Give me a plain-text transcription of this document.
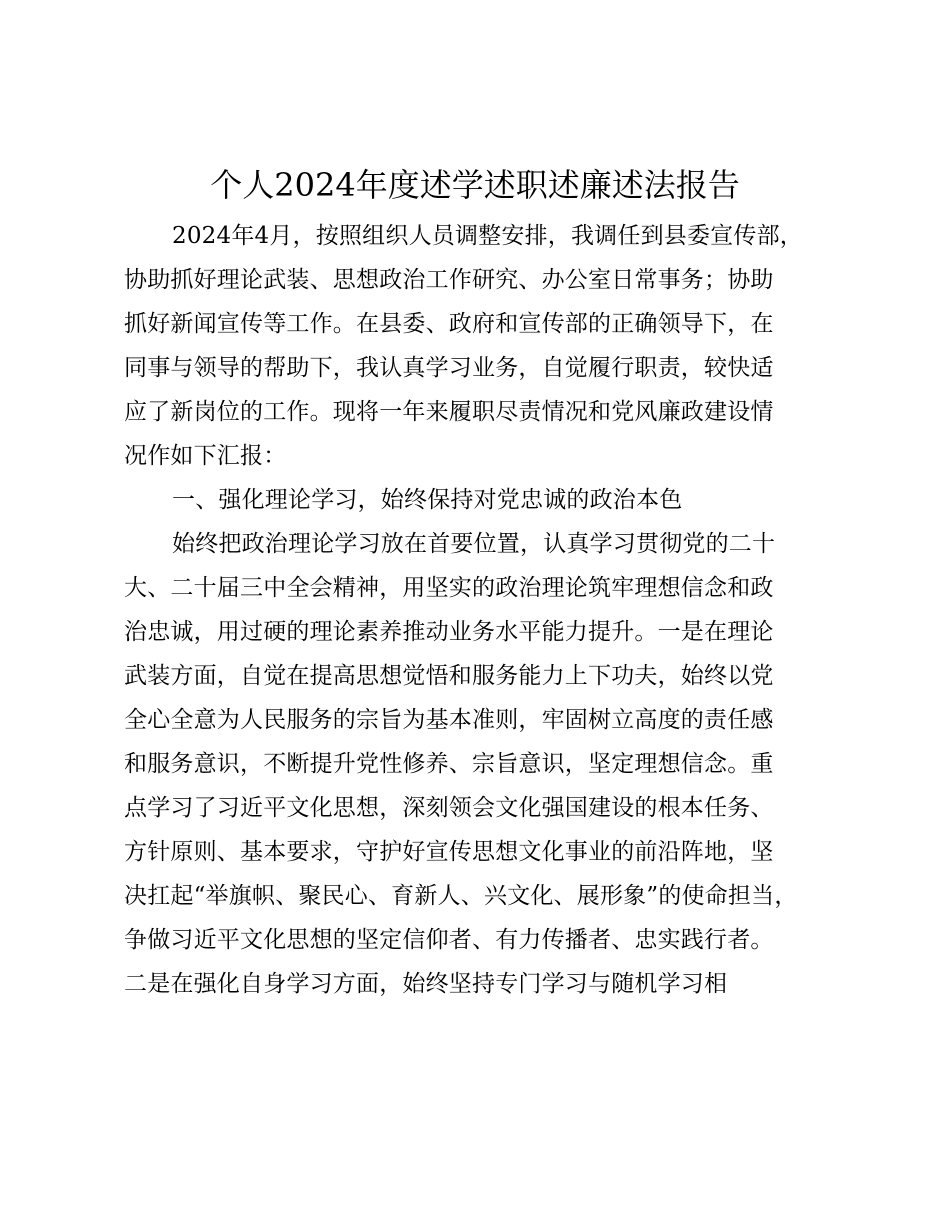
个人2024年度述学述职述廉述法报告
2024年4月，按照组织人员调整安排，我调任到县委宣传部，
协助抓好理论武装、思想政治工作研究、办公室日常事务；协助
抓好新闻宣传等工作。在县委、政府和宣传部的正确领导下，在
同事与领导的帮助下，我认真学习业务，自觉履行职责，较快适
应了新岗位的工作。现将一年来履职尽责情况和党风廉政建设情
况作如下汇报：
一、强化理论学习，始终保持对党忠诚的政治本色
始终把政治理论学习放在首要位置，认真学习贯彻党的二十
大、二十届三中全会精神，用坚实的政治理论筑牢理想信念和政
治忠诚，用过硬的理论素养推动业务水平能力提升。一是在理论
武装方面，自觉在提高思想觉悟和服务能力上下功夫，始终以党
全心全意为人民服务的宗旨为基本准则，牢固树立高度的责任感
和服务意识，不断提升党性修养、宗旨意识，坚定理想信念。重
点学习了习近平文化思想，深刻领会文化强国建设的根本任务、
方针原则、基本要求，守护好宣传思想文化事业的前沿阵地，坚
决扛起“举旗帜、聚民心、育新人、兴文化、展形象”的使命担当，
争做习近平文化思想的坚定信仰者、有力传播者、忠实践行者。
二是在强化自身学习方面，始终坚持专门学习与随机学习相
